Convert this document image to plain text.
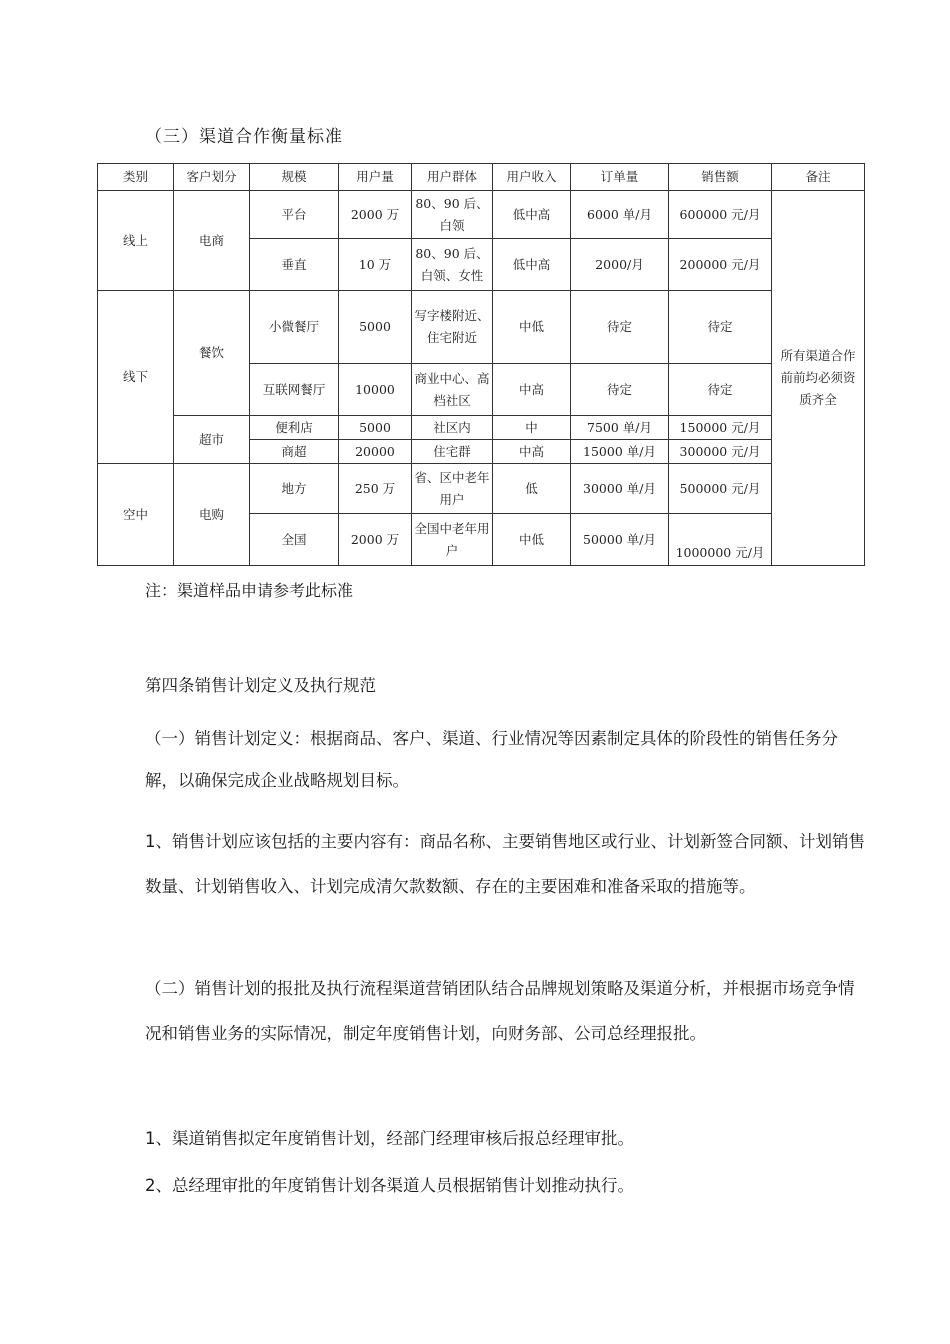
（三）渠道合作衡量标准
类别	客户划分	规模	用户量	用户群体	用户收入	订单量	销售额	备注
线上	电商	平台	2000 万	80、90 后、白领	低中高	6000 单/月	600000 元/月	所有渠道合作前前均必须资质齐全
		垂直	10 万	80、90 后、白领、女性	低中高	2000/月	200000 元/月	
线下	餐饮	小微餐厅	5000	写字楼附近、住宅附近	中低	待定	待定	
		互联网餐厅	10000	商业中心、高档社区	中高	待定	待定	
	超市	便利店	5000	社区内	中	7500 单/月	150000 元/月	
		商超	20000	住宅群	中高	15000 单/月	300000 元/月	
空中	电购	地方	250 万	省、区中老年用户	低	30000 单/月	500000 元/月	
		全国	2000 万	全国中老年用户	中低	50000 单/月	1000000 元/月	
注：渠道样品申请参考此标准
第四条销售计划定义及执行规范
（一）销售计划定义：根据商品、客户、渠道、行业情况等因素制定具体的阶段性的销售任务分解，以确保完成企业战略规划目标。
1、销售计划应该包括的主要内容有：商品名称、主要销售地区或行业、计划新签合同额、计划销售数量、计划销售收入、计划完成清欠款数额、存在的主要困难和准备采取的措施等。
（二）销售计划的报批及执行流程渠道营销团队结合品牌规划策略及渠道分析，并根据市场竞争情况和销售业务的实际情况，制定年度销售计划，向财务部、公司总经理报批。
1、渠道销售拟定年度销售计划，经部门经理审核后报总经理审批。
2、总经理审批的年度销售计划各渠道人员根据销售计划推动执行。
